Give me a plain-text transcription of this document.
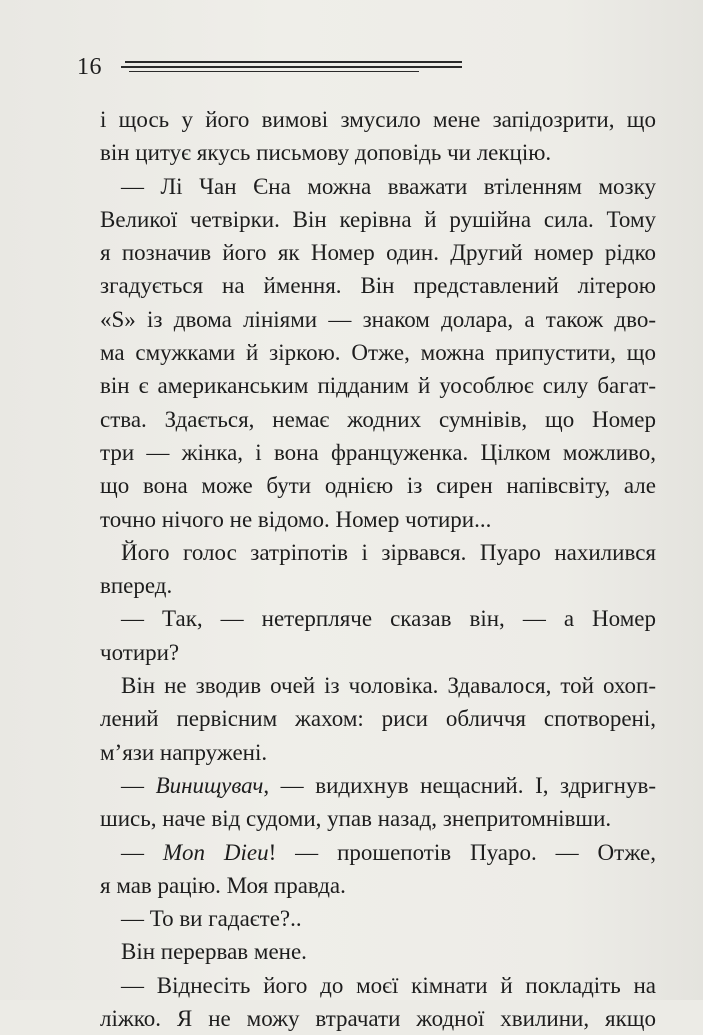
16
і щось у його вимові змусило мене запідозрити, що
він цитує якусь письмову доповідь чи лекцію.
— Лі Чан Єна можна вважати втіленням мозку
Великої четвірки. Він керівна й рушійна сила. Тому
я позначив його як Номер один. Другий номер рідко
згадується на ймення. Він представлений літерою
«S» із двома лініями — знаком долара, а також дво-
ма смужками й зіркою. Отже, можна припустити, що
він є американським підданим й уособлює силу багат-
ства. Здається, немає жодних сумнівів, що Номер
три — жінка, і вона француженка. Цілком можливо,
що вона може бути однією із сирен напівсвіту, але
точно нічого не відомо. Номер чотири...
Його голос затріпотів і зірвався. Пуаро нахилився
вперед.
— Так, — нетерпляче сказав він, — а Номер
чотири?
Він не зводив очей із чоловіка. Здавалося, той охоп-
лений первісним жахом: риси обличчя спотворені,
м’язи напружені.
— Винищувач, — видихнув нещасний. І, здригнув-
шись, наче від судоми, упав назад, знепритомнівши.
— Mon Dieu! — прошепотів Пуаро. — Отже,
я мав рацію. Моя правда.
— То ви гадаєте?..
Він перервав мене.
— Віднесіть його до моєї кімнати й покладіть на
ліжко. Я не можу втрачати жодної хвилини, якщо
